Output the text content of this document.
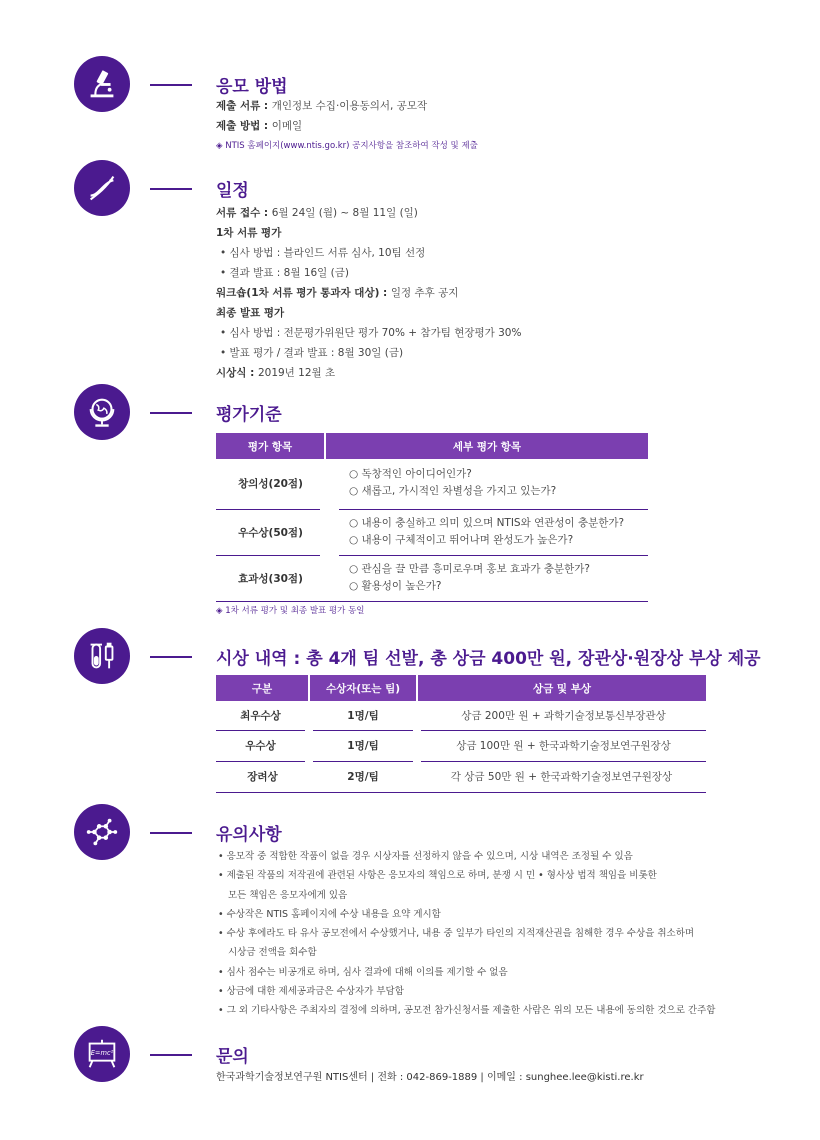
응모 방법
제출 서류 : 개인정보 수집·이용동의서, 공모작
제출 방법 : 이메일
◈ NTIS 홈페이지(www.ntis.go.kr) 공지사항을 참조하여 작성 및 제출
일정
서류 접수 : 6월 24일 (월) ~ 8월 11일 (일)
1차 서류 평가
• 심사 방법 : 블라인드 서류 심사, 10팀 선정
• 결과 발표 : 8월 16일 (금)
워크숍(1차 서류 평가 통과자 대상) : 일정 추후 공지
최종 발표 평가
• 심사 방법 : 전문평가위원단 평가 70% + 참가팀 현장평가 30%
• 발표 평가 / 결과 발표 : 8월 30일 (금)
시상식 : 2019년 12월 초
평가기준
평가 항목	세부 평가 항목
창의성(20점)	○ 독창적인 아이디어인가?
○ 새롭고, 가시적인 차별성을 가지고 있는가?

우수상(50점)	○ 내용이 충실하고 의미 있으며 NTIS와 연관성이 충분한가?
○ 내용이 구체적이고 뛰어나며 완성도가 높은가?

효과성(30점)	○ 관심을 끌 만큼 흥미로우며 홍보 효과가 충분한가?
○ 활용성이 높은가?

◈ 1차 서류 평가 및 최종 발표 평가 동일
시상 내역 : 총 4개 팀 선발, 총 상금 400만 원, 장관상·원장상 부상 제공
구분	수상자(또는 팀)	상금 및 부상
최우수상	1명/팀	상금 200만 원 + 과학기술정보통신부장관상
우수상	1명/팀	상금 100만 원 + 한국과학기술정보연구원장상
장려상	2명/팀	각 상금 50만 원 + 한국과학기술정보연구원장상
유의사항
• 응모작 중 적합한 작품이 없을 경우 시상자를 선정하지 않을 수 있으며, 시상 내역은 조정될 수 있음
• 제출된 작품의 저작권에 관련된 사항은 응모자의 책임으로 하며, 분쟁 시 민 • 형사상 법적 책임을 비롯한
모든 책임은 응모자에게 있음
• 수상작은 NTIS 홈페이지에 수상 내용을 요약 게시함
• 수상 후에라도 타 유사 공모전에서 수상했거나, 내용 중 일부가 타인의 지적재산권을 침해한 경우 수상을 취소하며
시상금 전액을 회수함
• 심사 점수는 비공개로 하며, 심사 결과에 대해 이의를 제기할 수 없음
• 상금에 대한 제세공과금은 수상자가 부담함
• 그 외 기타사항은 주최자의 결정에 의하며, 공모전 참가신청서를 제출한 사람은 위의 모든 내용에 동의한 것으로 간주함
E=mc²	문의
한국과학기술정보연구원 NTIS센터 | 전화 : 042-869-1889 | 이메일 : sunghee.lee@kisti.re.kr
